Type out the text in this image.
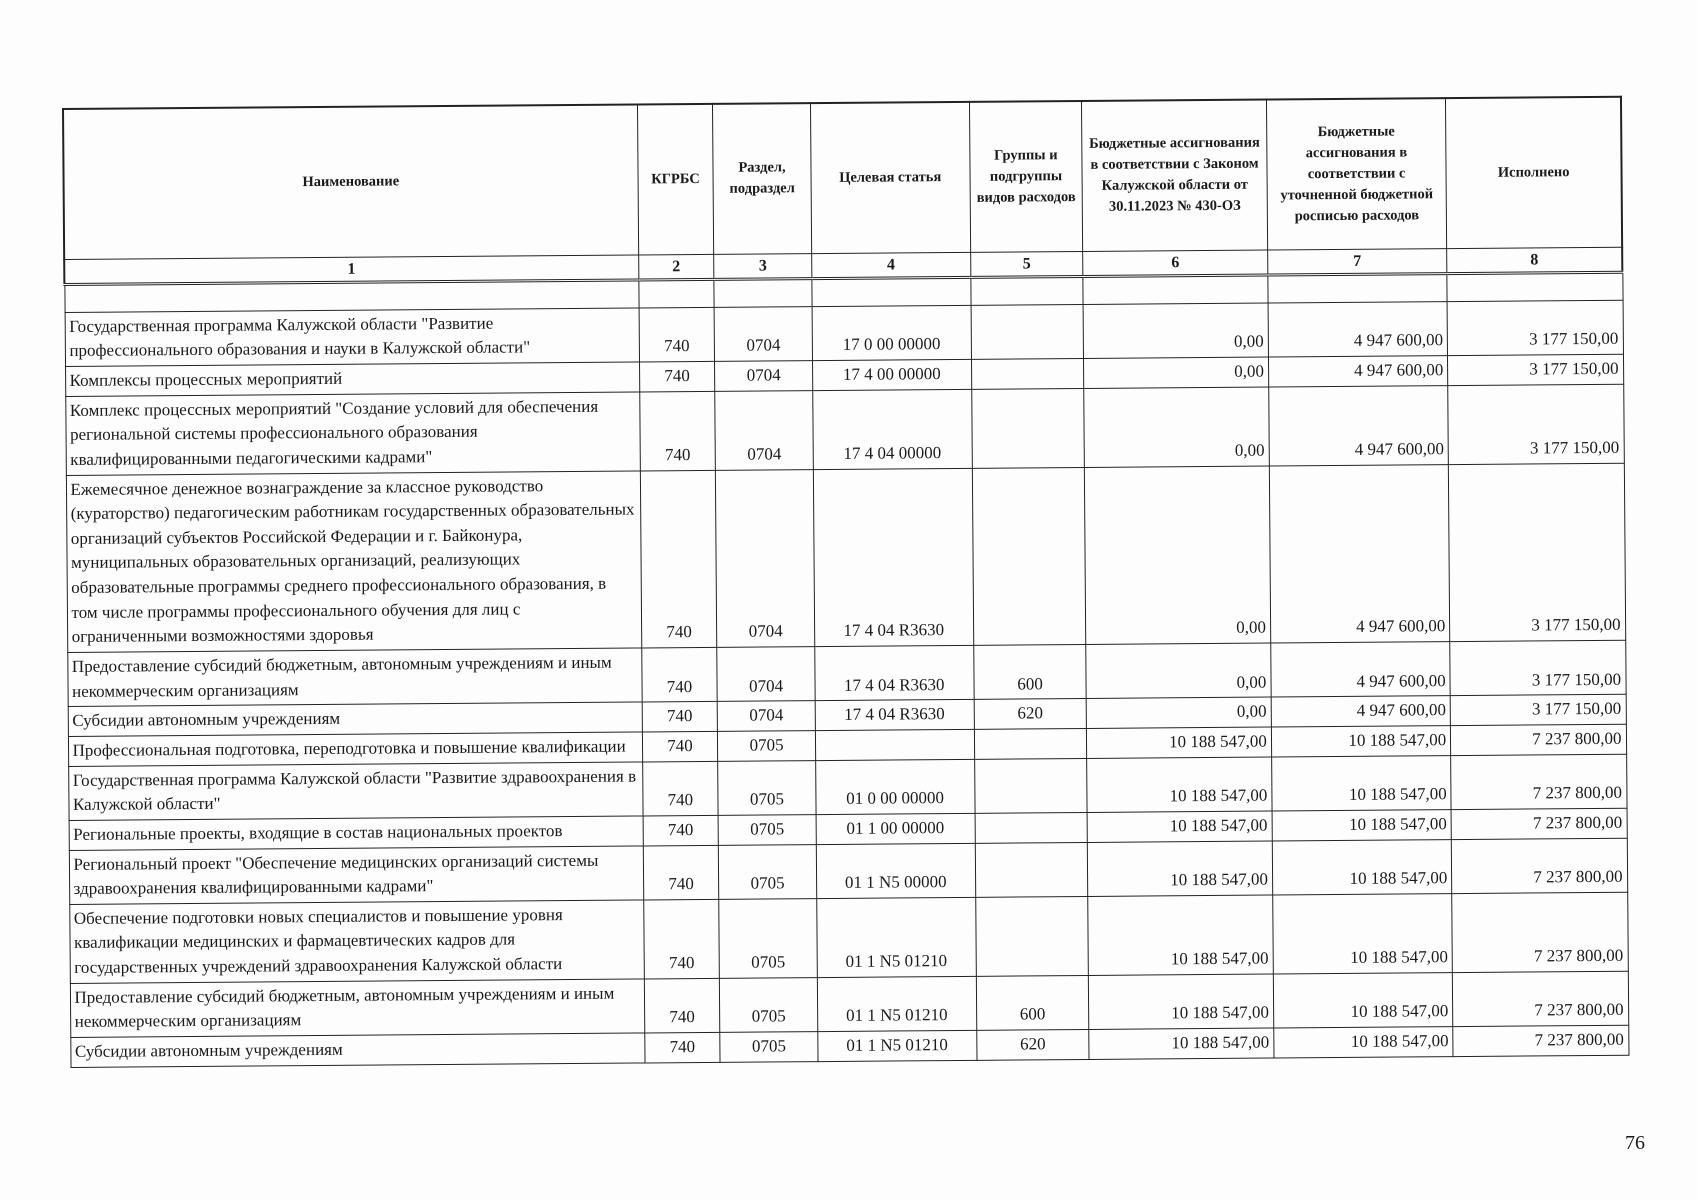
Наименование	КГРБС	Раздел, подраздел	Целевая статья	Группы и подгруппы видов расходов	Бюджетные ассигнования в соответствии с Законом Калужской области от 30.11.2023 № 430-ОЗ	Бюджетные ассигнования в соответствии с уточненной бюджетной росписью расходов	Исполнено
1	2	3	4	5	6	7	8

Государственная программа Калужской области "Развитие профессионального образования и науки в Калужской области"	740	0704	17 0 00 00000		0,00	4 947 600,00	3 177 150,00
Комплексы процессных мероприятий	740	0704	17 4 00 00000		0,00	4 947 600,00	3 177 150,00
Комплекс процессных мероприятий "Создание условий для обеспечения региональной системы профессионального образования квалифицированными педагогическими кадрами"	740	0704	17 4 04 00000		0,00	4 947 600,00	3 177 150,00
Ежемесячное денежное вознаграждение за классное руководство (кураторство) педагогическим работникам государственных образовательных организаций субъектов Российской Федерации и г. Байконура, муниципальных образовательных организаций, реализующих образовательные программы среднего профессионального образования, в том числе программы профессионального обучения для лиц с ограниченными возможностями здоровья	740	0704	17 4 04 R3630		0,00	4 947 600,00	3 177 150,00
Предоставление субсидий бюджетным, автономным учреждениям и иным некоммерческим организациям	740	0704	17 4 04 R3630	600	0,00	4 947 600,00	3 177 150,00
Субсидии автономным учреждениям	740	0704	17 4 04 R3630	620	0,00	4 947 600,00	3 177 150,00
Профессиональная подготовка, переподготовка и повышение квалификации	740	0705			10 188 547,00	10 188 547,00	7 237 800,00
Государственная программа Калужской области "Развитие здравоохранения в Калужской области"	740	0705	01 0 00 00000		10 188 547,00	10 188 547,00	7 237 800,00
Региональные проекты, входящие в состав национальных проектов	740	0705	01 1 00 00000		10 188 547,00	10 188 547,00	7 237 800,00
Региональный проект "Обеспечение медицинских организаций системы здравоохранения квалифицированными кадрами"	740	0705	01 1 N5 00000		10 188 547,00	10 188 547,00	7 237 800,00
Обеспечение подготовки новых специалистов и повышение уровня квалификации медицинских и фармацевтических кадров для государственных учреждений здравоохранения Калужской области	740	0705	01 1 N5 01210		10 188 547,00	10 188 547,00	7 237 800,00
Предоставление субсидий бюджетным, автономным учреждениям и иным некоммерческим организациям	740	0705	01 1 N5 01210	600	10 188 547,00	10 188 547,00	7 237 800,00
Субсидии автономным учреждениям	740	0705	01 1 N5 01210	620	10 188 547,00	10 188 547,00	7 237 800,00
76
